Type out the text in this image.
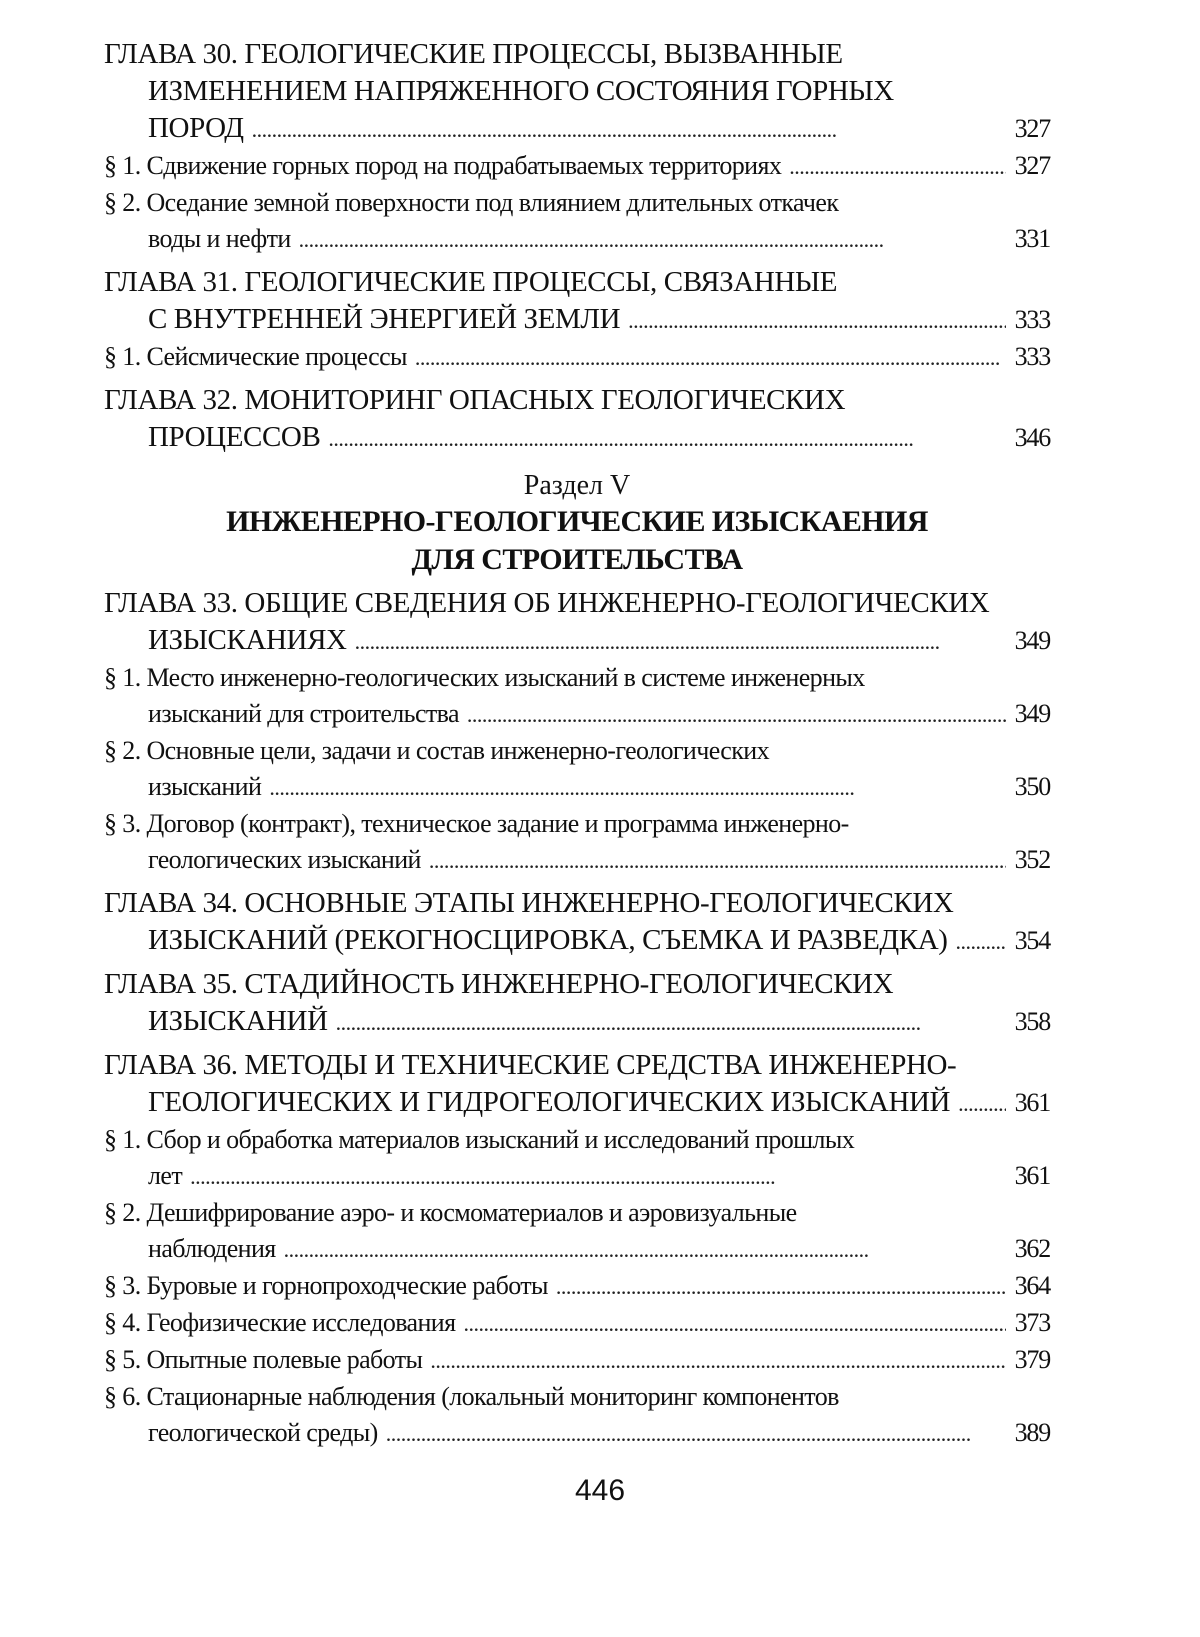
ГЛАВА 30. ГЕОЛОГИЧЕСКИЕ ПРОЦЕССЫ, ВЫЗВАННЫЕ
ИЗМЕНЕНИЕМ НАПРЯЖЕННОГО СОСТОЯНИЯ ГОРНЫХ
ПОРОД . . .	327
§ 1. Сдвижение горных пород на подрабатываемых территориях . . .	327
§ 2. Оседание земной поверхности под влиянием длительных откачек
воды и нефти . . .	331
ГЛАВА 31. ГЕОЛОГИЧЕСКИЕ ПРОЦЕССЫ, СВЯЗАННЫЕ
С ВНУТРЕННЕЙ ЭНЕРГИЕЙ ЗЕМЛИ . . .	333
§ 1. Сейсмические процессы . . .	333
ГЛАВА 32. МОНИТОРИНГ ОПАСНЫХ ГЕОЛОГИЧЕСКИХ
ПРОЦЕССОВ . . .	346
Раздел V
ИНЖЕНЕРНО-ГЕОЛОГИЧЕСКИЕ ИЗЫСКАЕНИЯ
ДЛЯ СТРОИТЕЛЬСТВА
ГЛАВА 33. ОБЩИЕ СВЕДЕНИЯ ОБ ИНЖЕНЕРНО-ГЕОЛОГИЧЕСКИХ
ИЗЫСКАНИЯХ . . .	349
§ 1. Место инженерно-геологических изысканий в системе инженерных
изысканий для строительства . . .	349
§ 2. Основные цели, задачи и состав инженерно-геологических
изысканий . . .	350
§ 3. Договор (контракт), техническое задание и программа инженерно-
геологических изысканий . . .	352
ГЛАВА 34. ОСНОВНЫЕ ЭТАПЫ ИНЖЕНЕРНО-ГЕОЛОГИЧЕСКИХ
ИЗЫСКАНИЙ (РЕКОГНОСЦИРОВКА, СЪЕМКА И РАЗВЕДКА) . . .	354
ГЛАВА 35. СТАДИЙНОСТЬ ИНЖЕНЕРНО-ГЕОЛОГИЧЕСКИХ
ИЗЫСКАНИЙ . . .	358
ГЛАВА 36. МЕТОДЫ И ТЕХНИЧЕСКИЕ СРЕДСТВА ИНЖЕНЕРНО-
ГЕОЛОГИЧЕСКИХ И ГИДРОГЕОЛОГИЧЕСКИХ ИЗЫСКАНИЙ . . . 361
§ 1. Сбор и обработка материалов изысканий и исследований прошлых
лет . . .	361
§ 2. Дешифрирование аэро- и космоматериалов и аэровизуальные
наблюдения . . .	362
§ 3. Буровые и горнопроходческие работы . . .	364
§ 4. Геофизические исследования . . .	373
§ 5. Опытные полевые работы . . .	379
§ 6. Стационарные наблюдения (локальный мониторинг компонентов
геологической среды) . . .	389
446
